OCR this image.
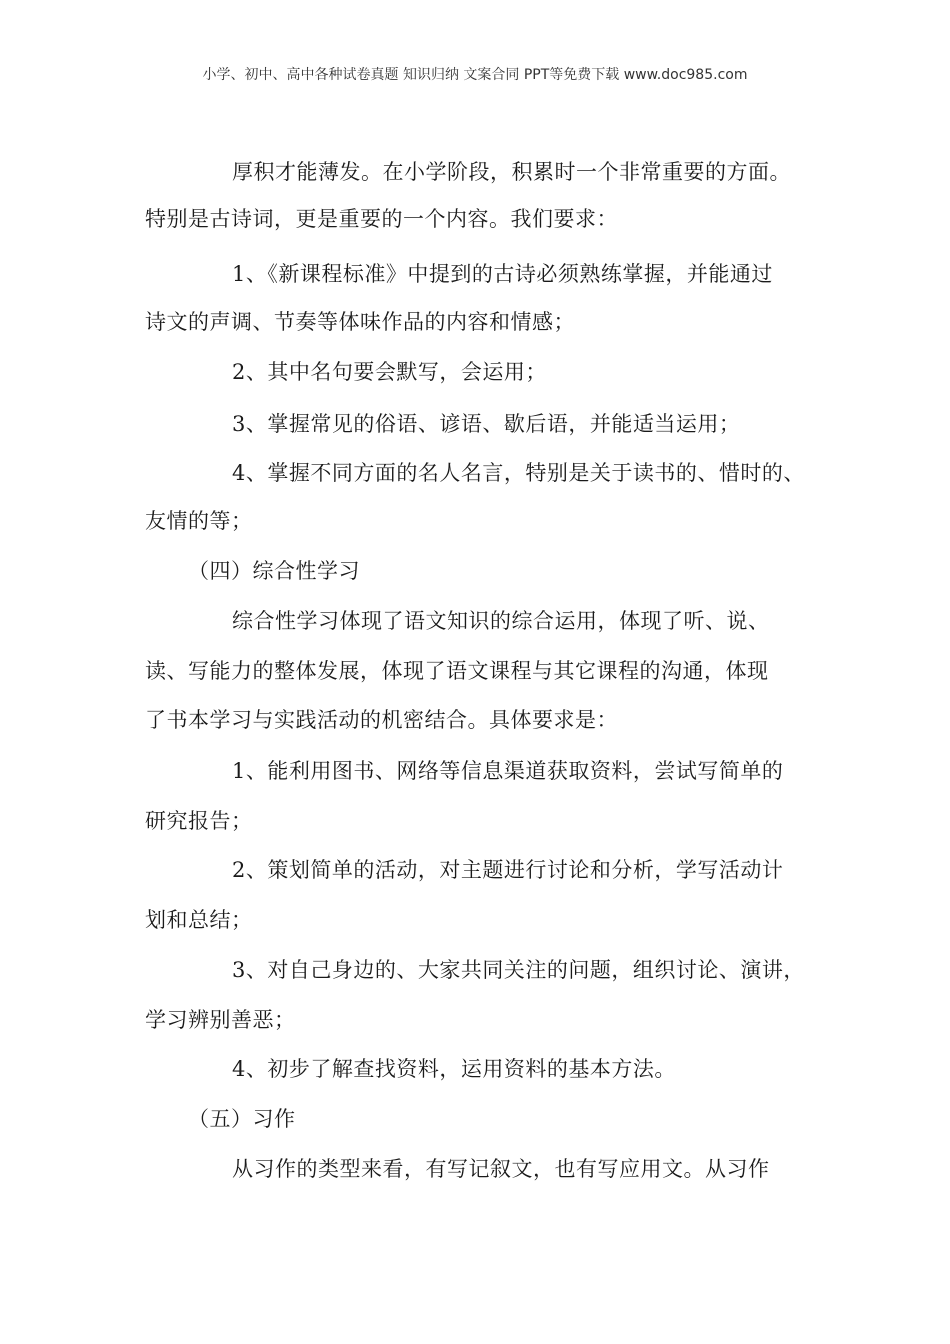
小学、初中、高中各种试卷真题 知识归纳 文案合同 PPT等免费下载 www.doc985.com
厚积才能薄发。在小学阶段，积累时一个非常重要的方面。
特别是古诗词，更是重要的一个内容。我们要求：
1、《新课程标准》中提到的古诗必须熟练掌握，并能通过
诗文的声调、节奏等体味作品的内容和情感；
2、其中名句要会默写，会运用；
3、掌握常见的俗语、谚语、歇后语，并能适当运用；
4、掌握不同方面的名人名言，特别是关于读书的、惜时的、
友情的等；
（四）综合性学习
综合性学习体现了语文知识的综合运用，体现了听、说、
读、写能力的整体发展，体现了语文课程与其它课程的沟通，体现
了书本学习与实践活动的机密结合。具体要求是：
1、能利用图书、网络等信息渠道获取资料，尝试写简单的
研究报告；
2、策划简单的活动，对主题进行讨论和分析，学写活动计
划和总结；
3、对自己身边的、大家共同关注的问题，组织讨论、演讲，
学习辨别善恶；
4、初步了解查找资料，运用资料的基本方法。
（五）习作
从习作的类型来看，有写记叙文，也有写应用文。从习作
